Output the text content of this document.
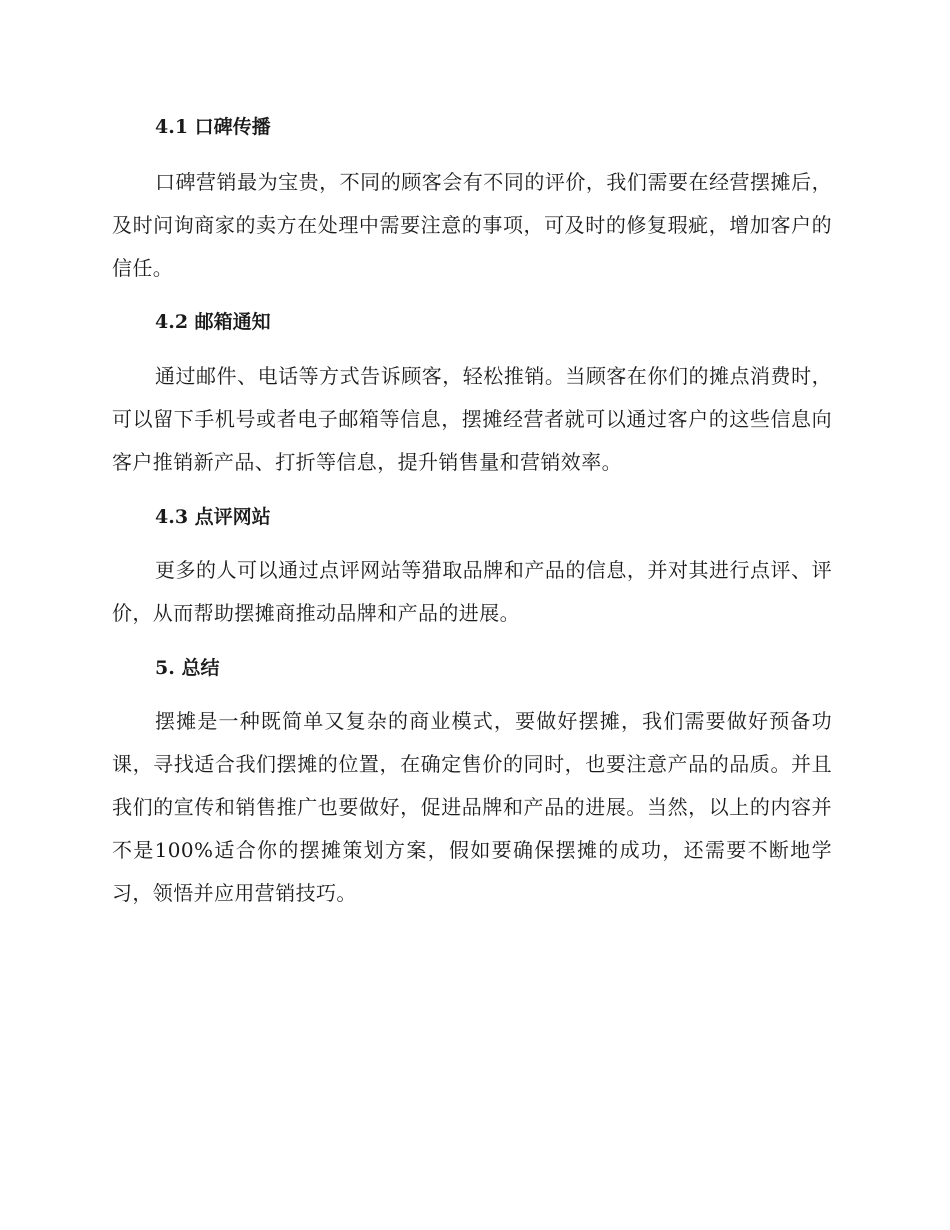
4.1 口碑传播
口碑营销最为宝贵，不同的顾客会有不同的评价，我们需要在经营摆摊后，及时问询商家的卖方在处理中需要注意的事项，可及时的修复瑕疵，增加客户的信任。
4.2 邮箱通知
通过邮件、电话等方式告诉顾客，轻松推销。当顾客在你们的摊点消费时，可以留下手机号或者电子邮箱等信息，摆摊经营者就可以通过客户的这些信息向客户推销新产品、打折等信息，提升销售量和营销效率。
4.3 点评网站
更多的人可以通过点评网站等猎取品牌和产品的信息，并对其进行点评、评价，从而帮助摆摊商推动品牌和产品的进展。
5. 总结
摆摊是一种既简单又复杂的商业模式，要做好摆摊，我们需要做好预备功课，寻找适合我们摆摊的位置，在确定售价的同时，也要注意产品的品质。并且我们的宣传和销售推广也要做好，促进品牌和产品的进展。当然，以上的内容并不是100%适合你的摆摊策划方案，假如要确保摆摊的成功，还需要不断地学习，领悟并应用营销技巧。
